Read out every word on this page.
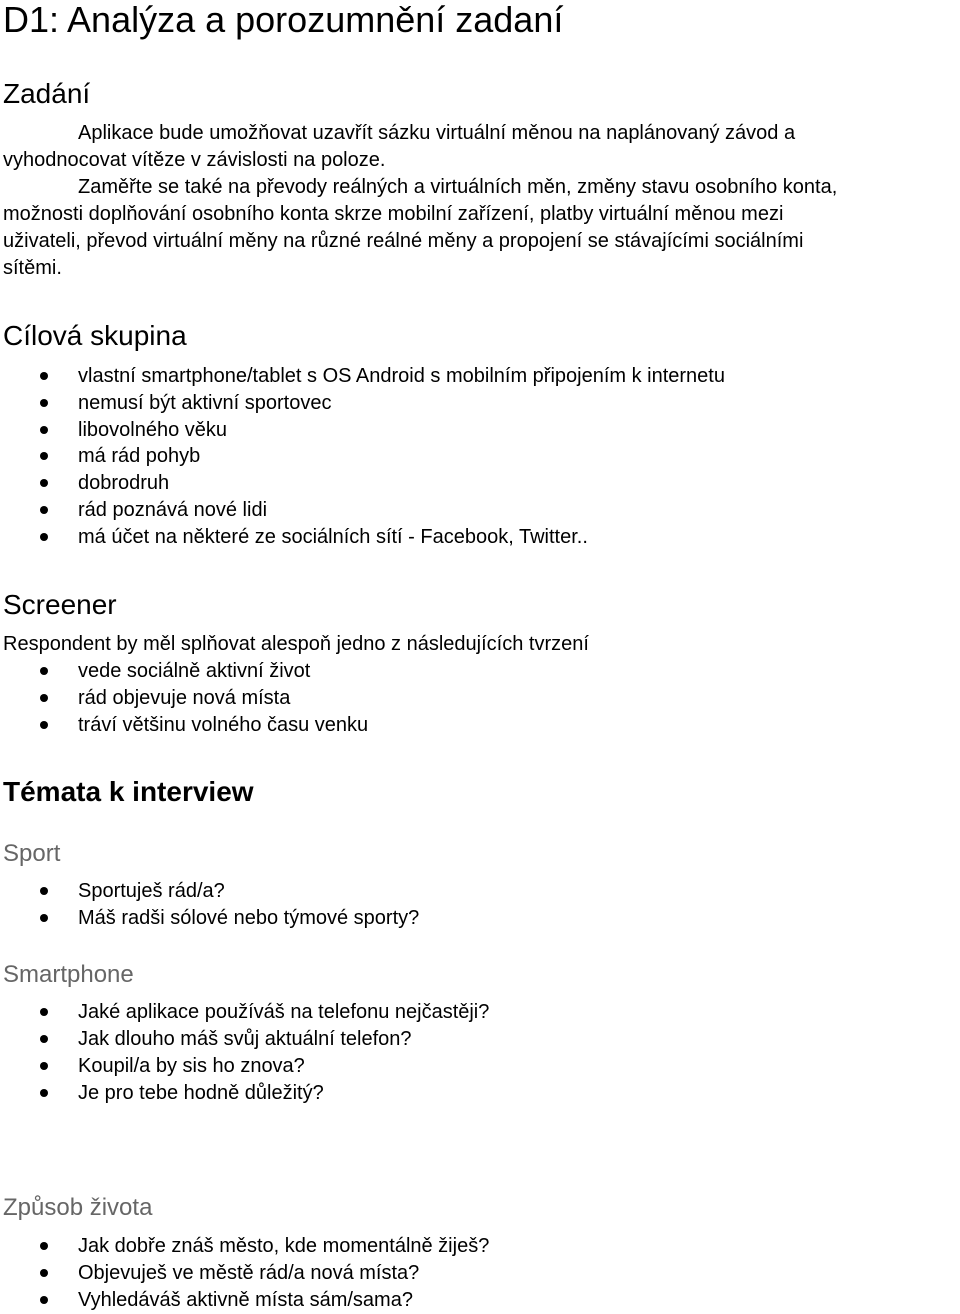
D1: Analýza a porozumnění zadaní
Zadání
Aplikace bude umožňovat uzavřít sázku virtuální měnou na naplánovaný závod a
vyhodnocovat vítěze v závislosti na poloze.
Zaměřte se také na převody reálných a virtuálních měn, změny stavu osobního konta,
možnosti doplňování osobního konta skrze mobilní zařízení, platby virtuální měnou mezi
uživateli, převod virtuální měny na různé reálné měny a propojení se stávajícími sociálními
sítěmi.
Cílová skupina
vlastní smartphone/tablet s OS Android s mobilním připojením k internetu
nemusí být aktivní sportovec
libovolného věku
má rád pohyb
dobrodruh
rád poznává nové lidi
má účet na některé ze sociálních sítí - Facebook, Twitter..
Screener
Respondent by měl splňovat alespoň jedno z následujících tvrzení
vede sociálně aktivní život
rád objevuje nová místa
tráví většinu volného času venku
Témata k interview
Sport
Sportuješ rád/a?
Máš radši sólové nebo týmové sporty?
Smartphone
Jaké aplikace používáš na telefonu nejčastěji?
Jak dlouho máš svůj aktuální telefon?
Koupil/a by sis ho znova?
Je pro tebe hodně důležitý?
Způsob života
Jak dobře znáš město, kde momentálně žiješ?
Objevuješ ve městě rád/a nová místa?
Vyhledáváš aktivně místa sám/sama?
